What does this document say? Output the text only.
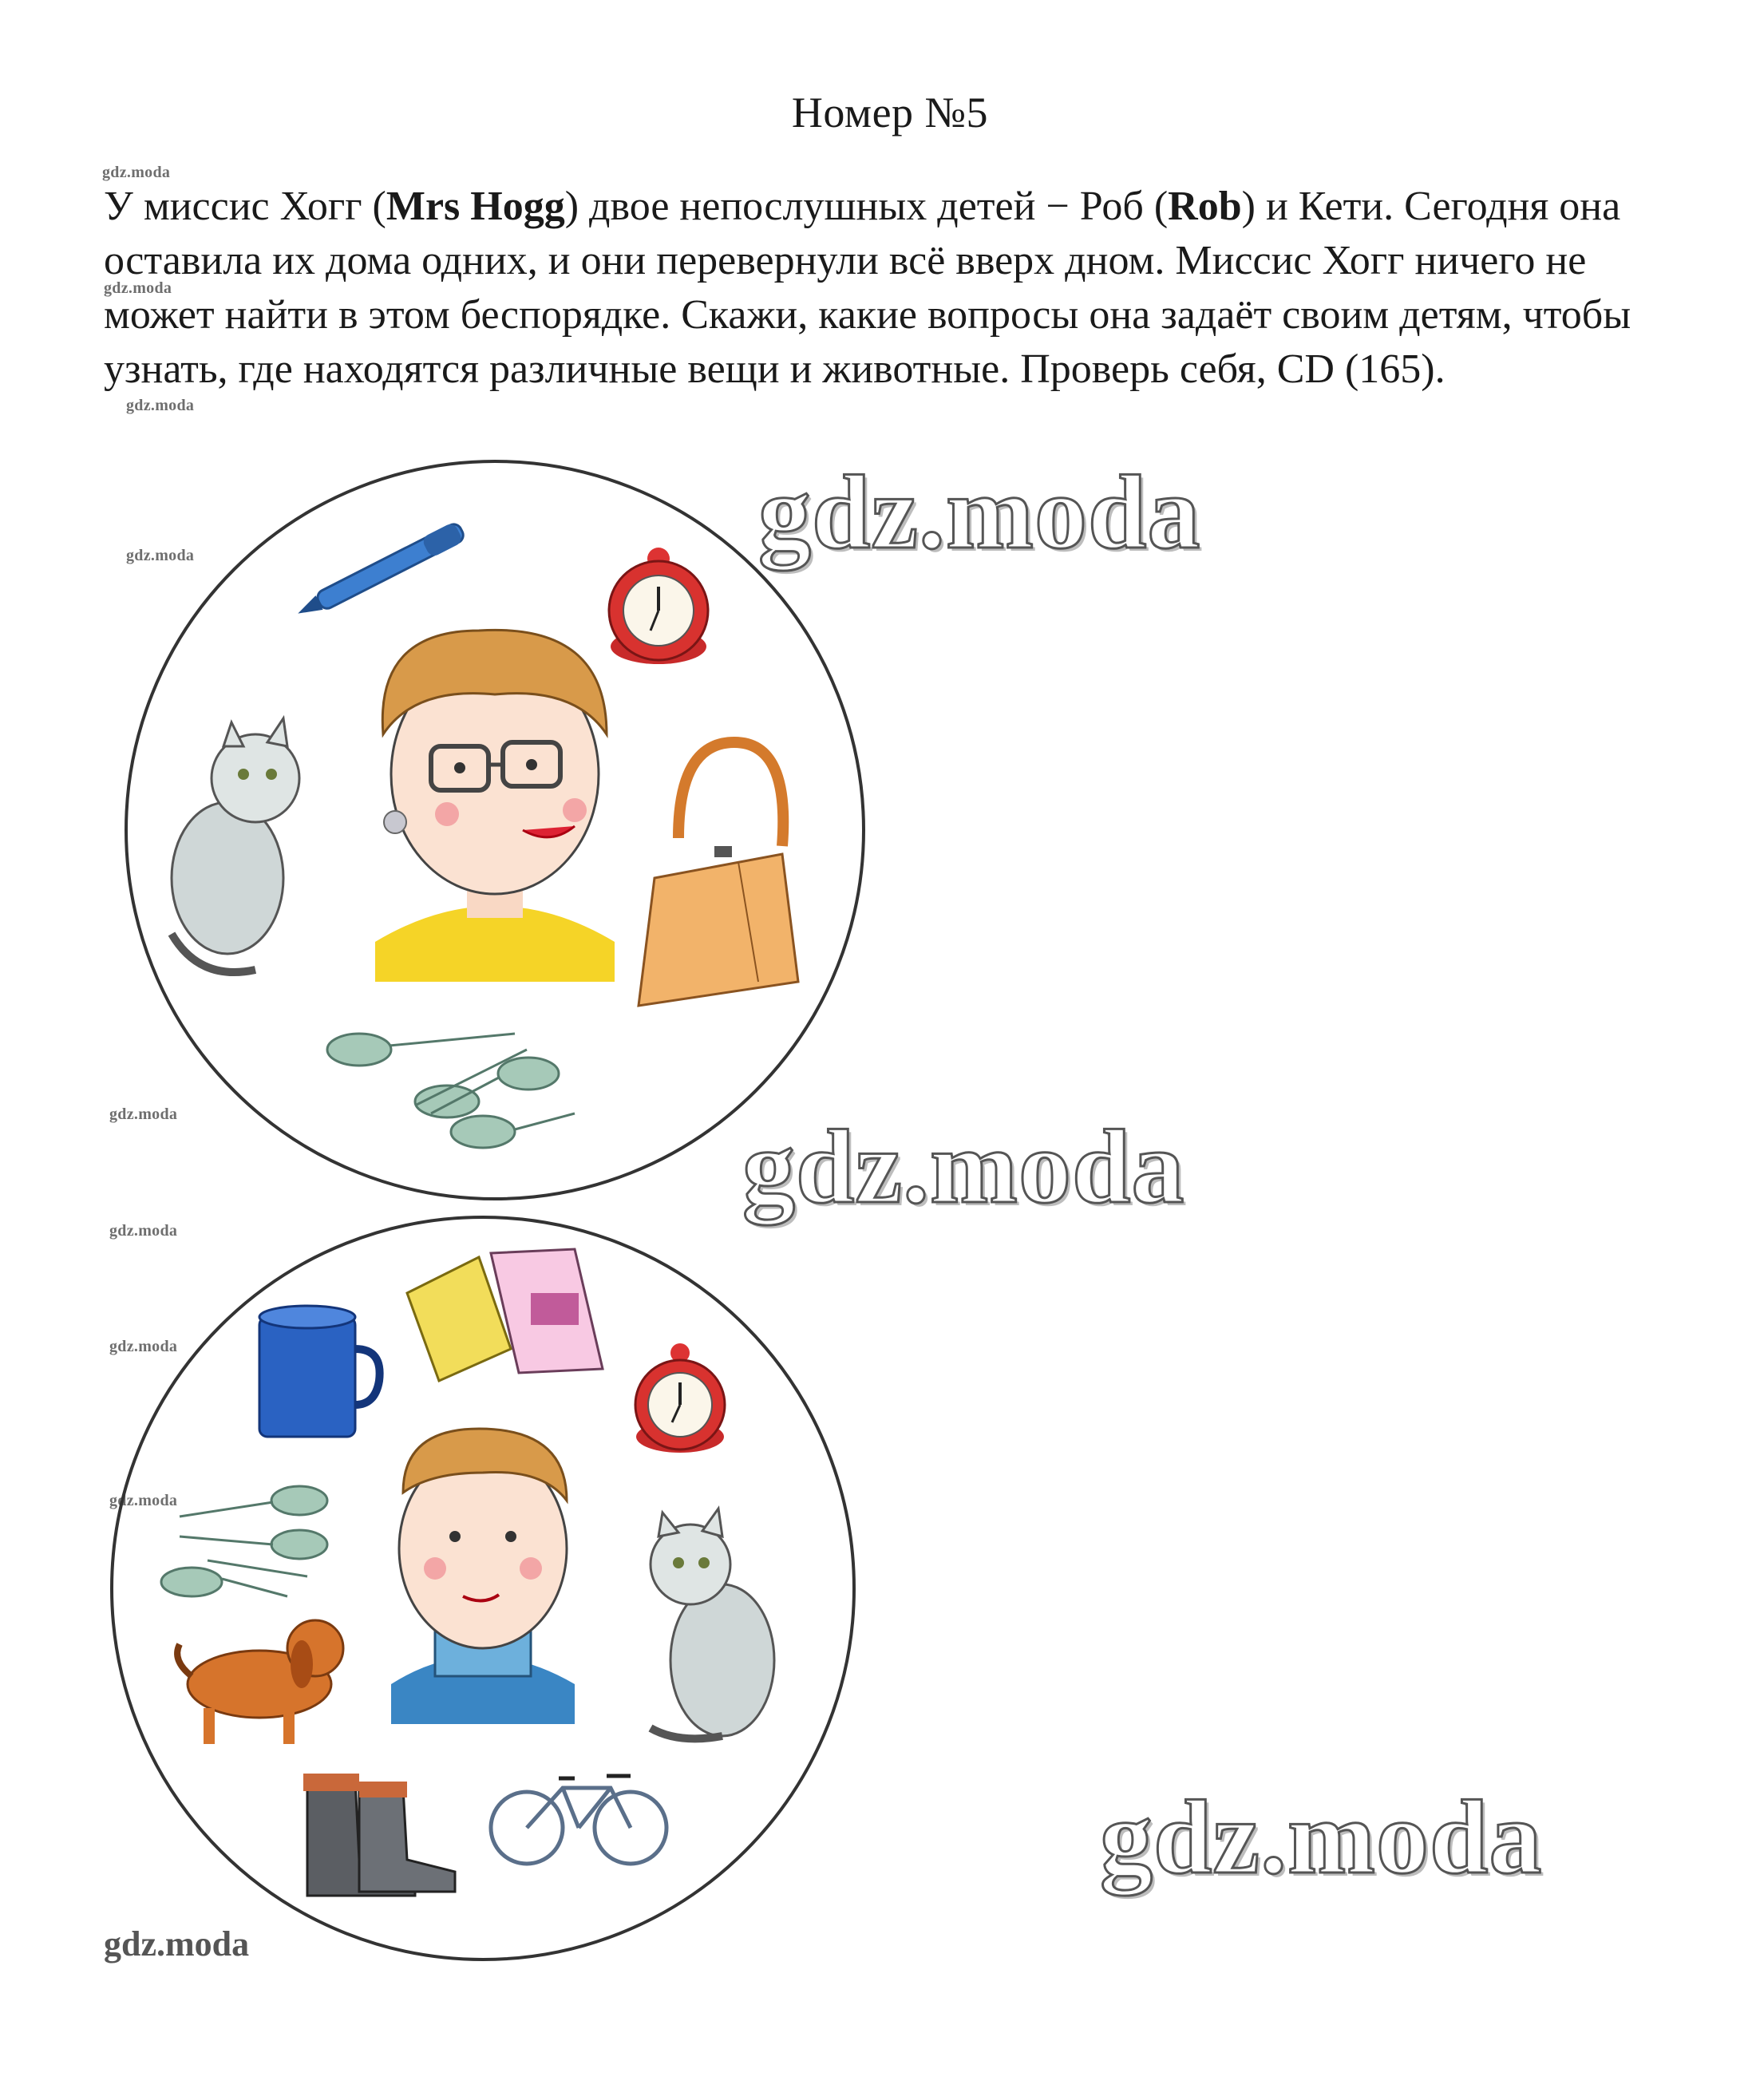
Номер №5
У миссис Хогг (Mrs Hogg) двое непослушных детей − Роб (Rob) и Кети. Сегодня она оставила их дома одних, и они перевернули всё вверх дном. Миссис Хогг ничего не может найти в этом беспорядке. Скажи, какие вопросы она задаёт своим детям, чтобы узнать, где находятся различные вещи и животные. Проверь себя, CD (165).
gdz.moda
gdz.moda
gdz.moda
gdz.moda
gdz.moda
gdz.moda
gdz.moda
gdz.moda
gdz.moda
gdz.moda
gdz.moda
gdz.moda
